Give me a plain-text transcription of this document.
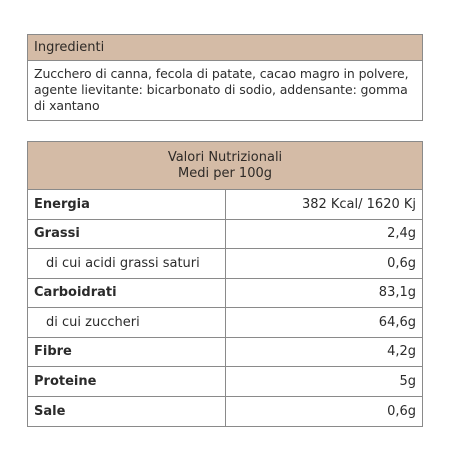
Ingredienti
Zucchero di canna, fecola di patate, cacao magro in polvere, agente lievitante: bicarbonato di sodio, addensante: gomma di xantano
Valori Nutrizionali
Medi per 100g
Energia	382 Kcal/ 1620 Kj
Grassi	2,4g
di cui acidi grassi saturi	0,6g
Carboidrati	83,1g
di cui zuccheri	64,6g
Fibre	4,2g
Proteine	5g
Sale	0,6g
